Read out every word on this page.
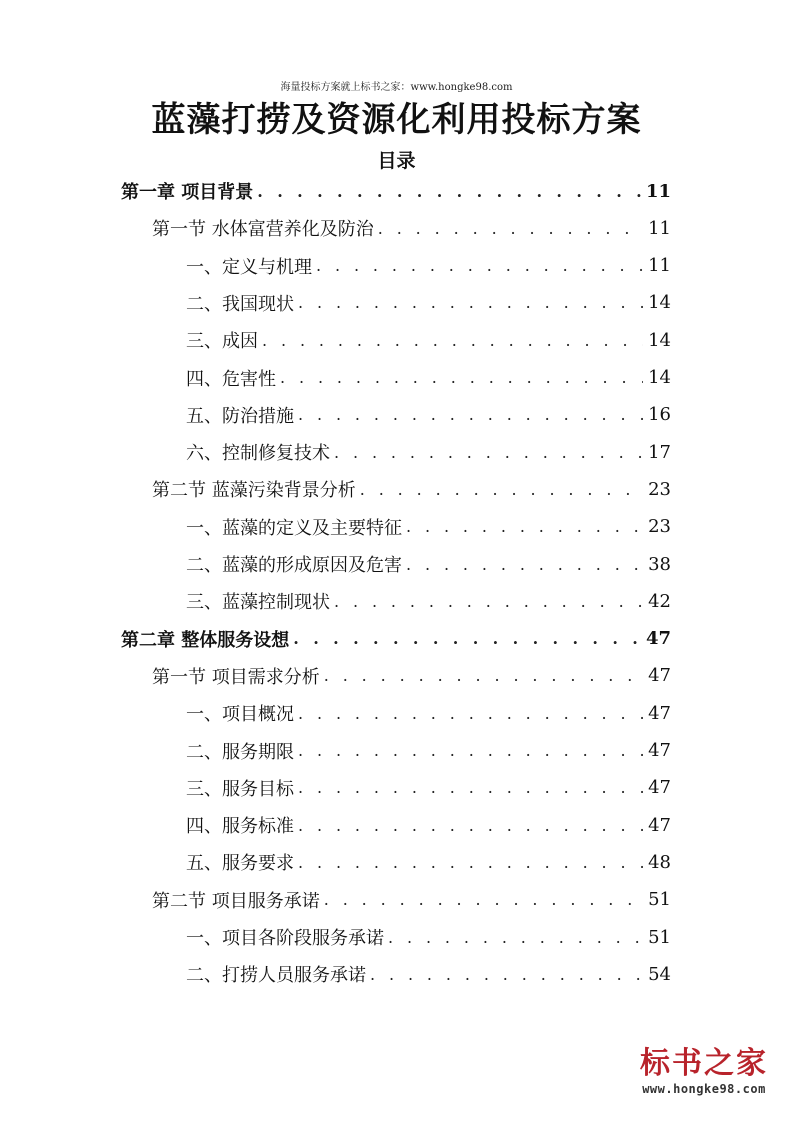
海量投标方案就上标书之家：www.hongke98.com
蓝藻打捞及资源化利用投标方案
目录
第一章 项目背景 . . .	11
第一节 水体富营养化及防治 . . .	11
一、定义与机理 . . .	11
二、我国现状 . . .	14
三、成因 . . .	14
四、危害性 . . .	14
五、防治措施 . . .	16
六、控制修复技术 . . .	17
第二节 蓝藻污染背景分析 . . .	23
一、蓝藻的定义及主要特征 . . .	23
二、蓝藻的形成原因及危害 . . .	38
三、蓝藻控制现状 . . .	42
第二章 整体服务设想 . . .	47
第一节 项目需求分析 . . .	47
一、项目概况 . . .	47
二、服务期限 . . .	47
三、服务目标 . . .	47
四、服务标准 . . .	47
五、服务要求 . . .	48
第二节 项目服务承诺 . . .	51
一、项目各阶段服务承诺 . . .	51
二、打捞人员服务承诺 . . .	54
标书之家
www.hongke98.com
